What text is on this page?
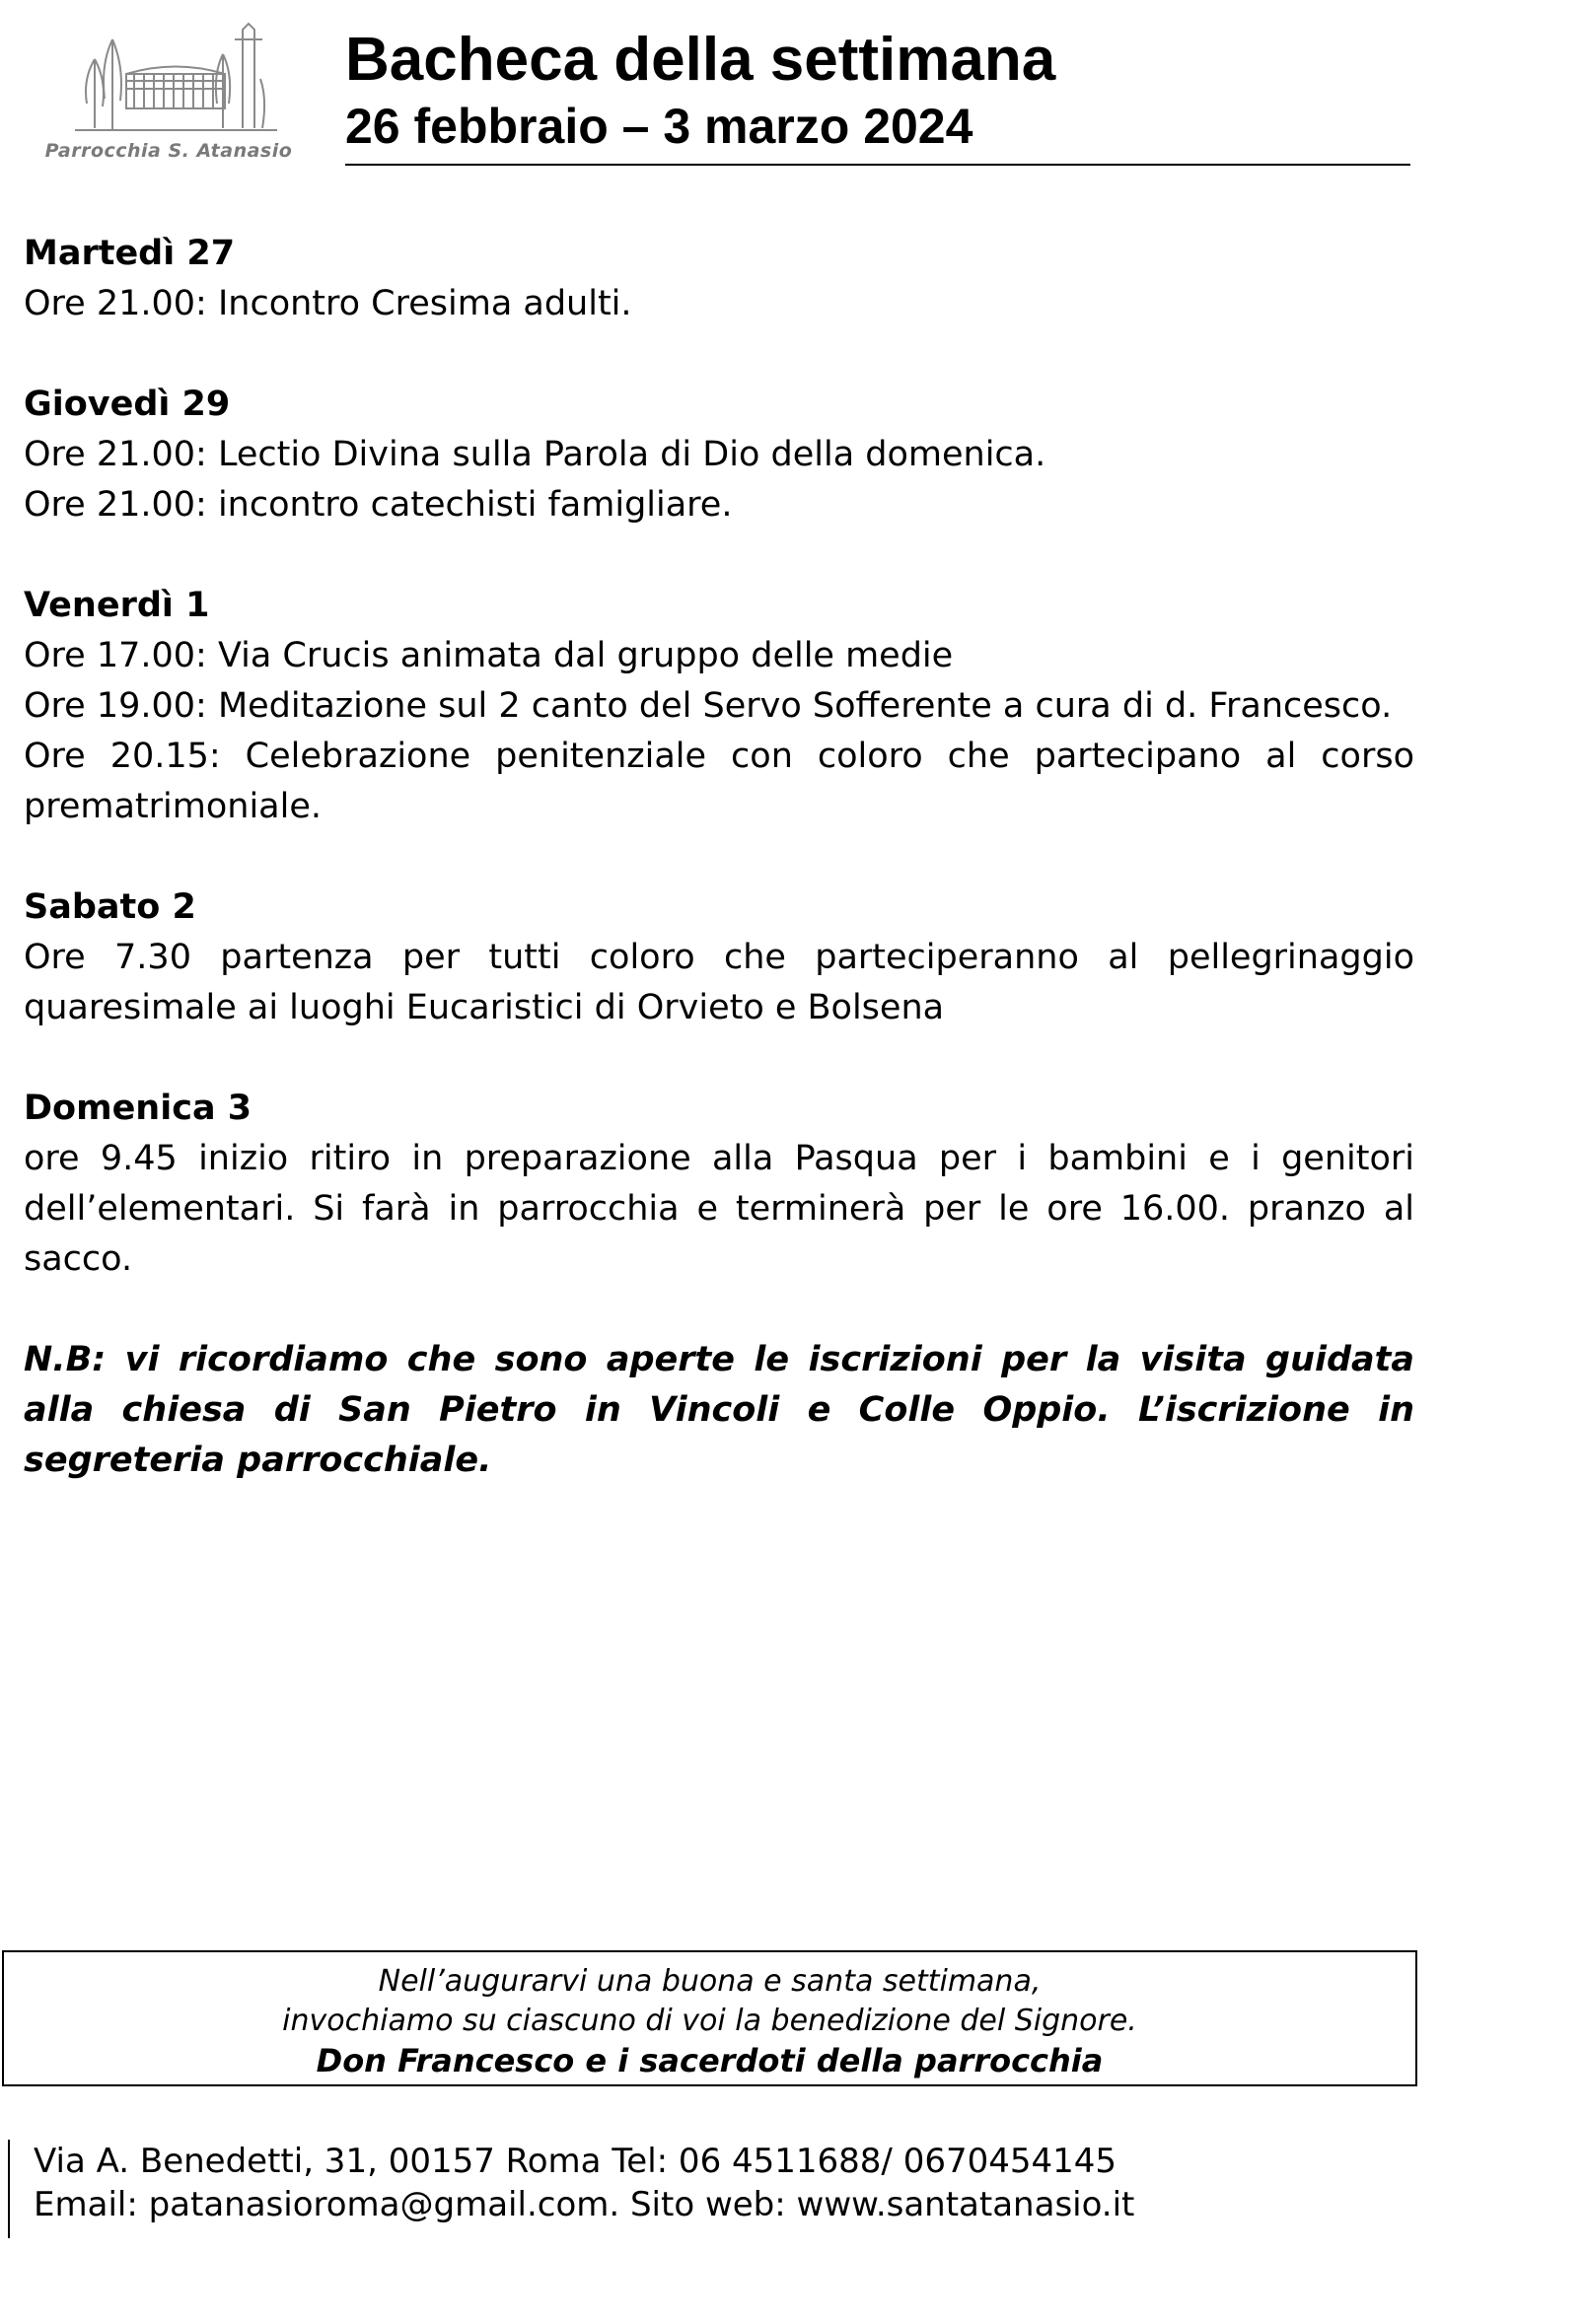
Parrocchia S. Atanasio
Bacheca della settimana
26 febbraio – 3 marzo 2024

Martedì 27

Ore 21.00: Incontro Cresima adulti.

Giovedì 29

Ore 21.00: Lectio Divina sulla Parola di Dio della domenica.

Ore 21.00: incontro catechisti famigliare.

Venerdì 1

Ore 17.00: Via Crucis animata dal gruppo delle medie

Ore 19.00: Meditazione sul 2 canto del Servo Sofferente a cura di d. Francesco.

Ore 20.15: Celebrazione penitenziale con coloro che partecipano al corso prematrimoniale.

Sabato 2

Ore 7.30 partenza per tutti coloro che parteciperanno al pellegrinaggio quaresimale ai luoghi Eucaristici di Orvieto e Bolsena

Domenica 3

ore 9.45 inizio ritiro in preparazione alla Pasqua per i bambini e i genitori dell’elementari. Si farà in parrocchia e terminerà per le ore 16.00. pranzo al sacco.

N.B: vi ricordiamo che sono aperte le iscrizioni per la visita guidata alla chiesa di San Pietro in Vincoli e Colle Oppio. L’iscrizione in segreteria parrocchiale.

Nell’augurarvi una buona e santa settimana,
invochiamo su ciascuno di voi la benedizione del Signore.
Don Francesco e i sacerdoti della parrocchia
Via A. Benedetti, 31, 00157 Roma Tel: 06 4511688/ 0670454145
Email: patanasioroma@gmail.com. Sito web: www.santatanasio.it
